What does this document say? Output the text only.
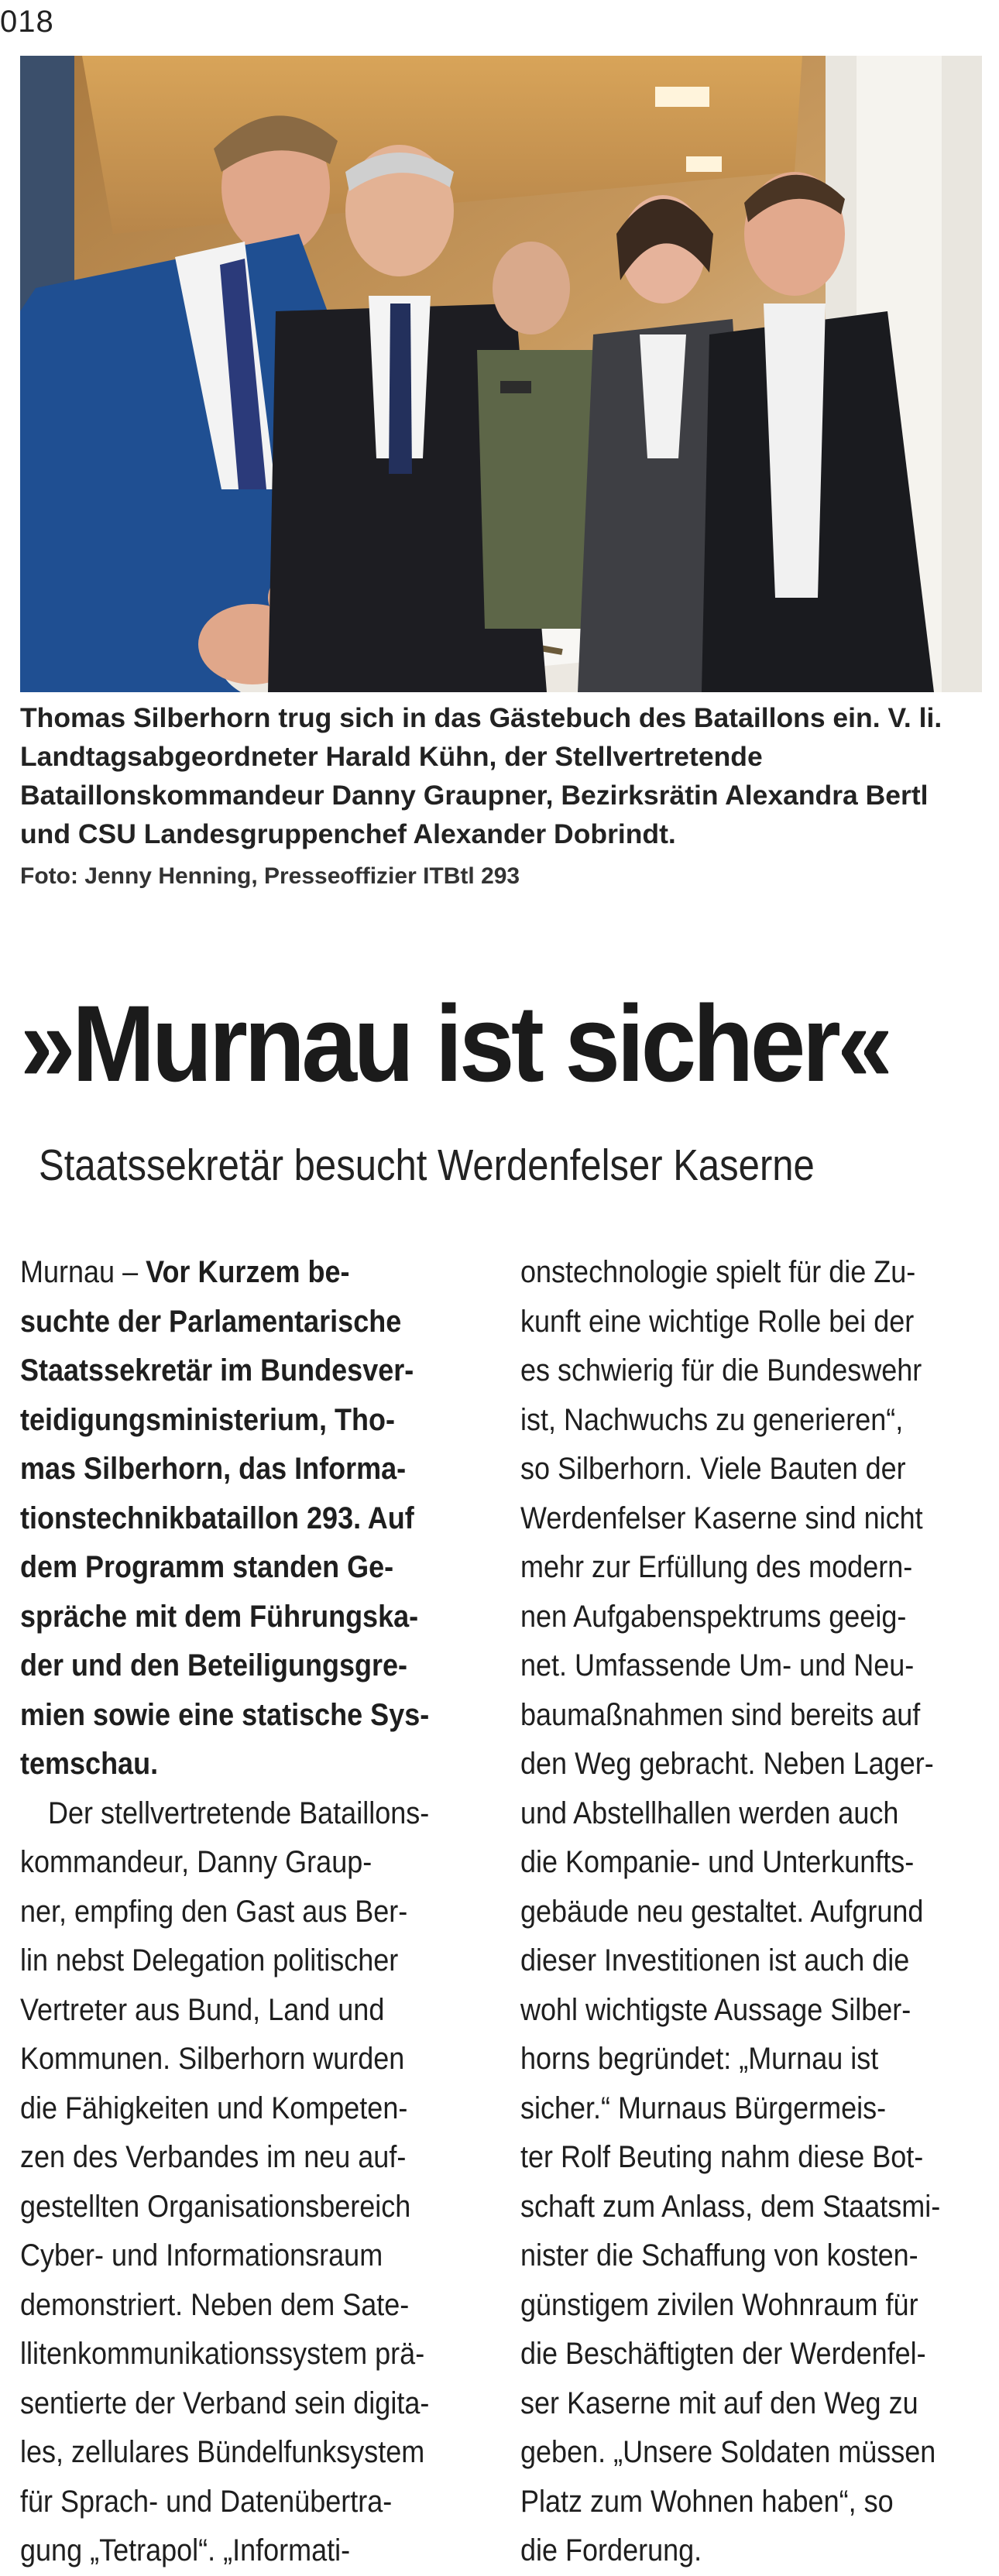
018
Thomas Silberhorn trug sich in das Gästebuch des Bataillons ein. V. li. Landtagsabgeordneter Harald Kühn, der Stellvertretende Bataillonskommandeur Danny Graupner, Bezirksrätin Alexandra Bertl und CSU Landesgruppenchef Alexander Dobrindt.
Foto: Jenny Henning, Presseoffizier ITBtl 293
»Murnau ist sicher«
Staatssekretär besucht Werdenfelser Kaserne
Murnau – Vor Kurzem be-
suchte der Parlamentarische
Staatssekretär im Bundesver-
teidigungsministerium, Tho-
mas Silberhorn, das Informa-
tionstechnikbataillon 293. Auf
dem Programm standen Ge-
spräche mit dem Führungska-
der und den Beteiligungsgre-
mien sowie eine statische Sys-
temschau.
Der stellvertretende Bataillons-
kommandeur, Danny Graup-
ner, empfing den Gast aus Ber-
lin nebst Delegation politischer
Vertreter aus Bund, Land und
Kommunen. Silberhorn wurden
die Fähigkeiten und Kompeten-
zen des Verbandes im neu auf-
gestellten Organisationsbereich
Cyber- und Informationsraum
demonstriert. Neben dem Sate-
llitenkommunikationssystem prä-
sentierte der Verband sein digita-
les, zellulares Bündelfunksystem
für Sprach- und Datenübertra-
gung „Tetrapol“. „Informati-
onstechnologie spielt für die Zu-
kunft eine wichtige Rolle bei der
es schwierig für die Bundeswehr
ist, Nachwuchs zu generieren“,
so Silberhorn. Viele Bauten der
Werdenfelser Kaserne sind nicht
mehr zur Erfüllung des modern-
nen Aufgabenspektrums geeig-
net. Umfassende Um- und Neu-
baumaßnahmen sind bereits auf
den Weg gebracht. Neben Lager-
und Abstellhallen werden auch
die Kompanie- und Unterkunfts-
gebäude neu gestaltet. Aufgrund
dieser Investitionen ist auch die
wohl wichtigste Aussage Silber-
horns begründet: „Murnau ist
sicher.“ Murnaus Bürgermeis-
ter Rolf Beuting nahm diese Bot-
schaft zum Anlass, dem Staatsmi-
nister die Schaffung von kosten-
günstigem zivilen Wohnraum für
die Beschäftigten der Werdenfel-
ser Kaserne mit auf den Weg zu
geben. „Unsere Soldaten müssen
Platz zum Wohnen haben“, so
die Forderung.
